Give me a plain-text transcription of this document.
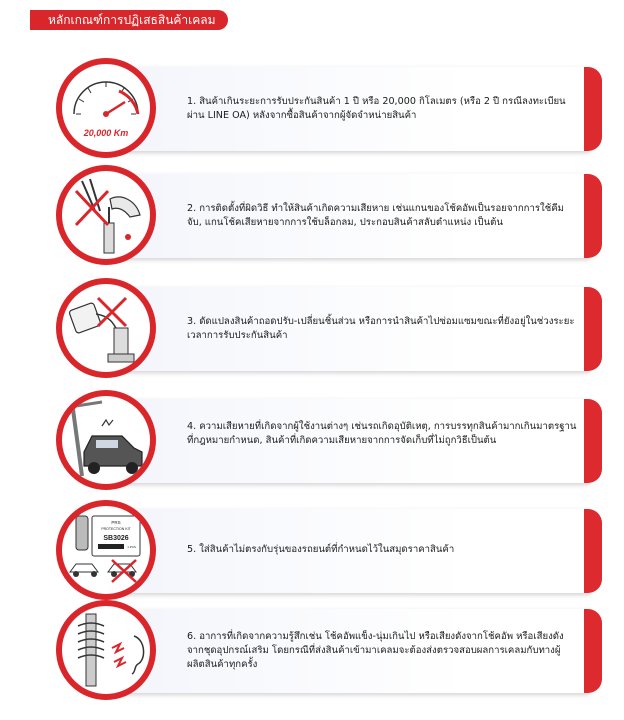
หลักเกณฑ์การปฏิเสธสินค้าเคลม
20,000 Km
1. สินค้าเกินระยะการรับประกันสินค้า 1 ปี หรือ 20,000 กิโลเมตร (หรือ 2 ปี กรณีลงทะเบียนผ่าน LINE OA) หลังจากซื้อสินค้าจากผู้จัดจำหน่ายสินค้า
2. การติดตั้งที่ผิดวิธี ทำให้สินค้าเกิดความเสียหาย เช่นแกนของโช้คอัพเป็นรอยจากการใช้คีมจับ, แกนโช้คเสียหายจากการใช้บล็อกลม, ประกอบสินค้าสลับตำแหน่ง เป็นต้น
3. ดัดแปลงสินค้าถอดปรับ-เปลี่ยนชิ้นส่วน หรือการนำสินค้าไปซ่อมแซมขณะที่ยังอยู่ในช่วงระยะเวลาการรับประกันสินค้า
4. ความเสียหายที่เกิดจากผู้ใช้งานต่างๆ เช่นรถเกิดอุบัติเหตุ, การบรรทุกสินค้ามากเกินมาตรฐานที่กฎหมายกำหนด, สินค้าที่เกิดความเสียหายจากการจัดเก็บที่ไม่ถูกวิธีเป็นต้น
PRS
PROTECTION KIT
SB3026
1 PCS.	5. ใส่สินค้าไม่ตรงกับรุ่นของรถยนต์ที่กำหนดไว้ในสมุดราคาสินค้า
6. อาการที่เกิดจากความรู้สึกเช่น โช้คอัพแข็ง-นุ่มเกินไป หรือเสียงดังจากโช้คอัพ หรือเสียงดังจากชุดอุปกรณ์เสริม โดยกรณีที่ส่งสินค้าเข้ามาเคลมจะต้องส่งตรวจสอบผลการเคลมกับทางผู้ผลิตสินค้าทุกครั้ง
